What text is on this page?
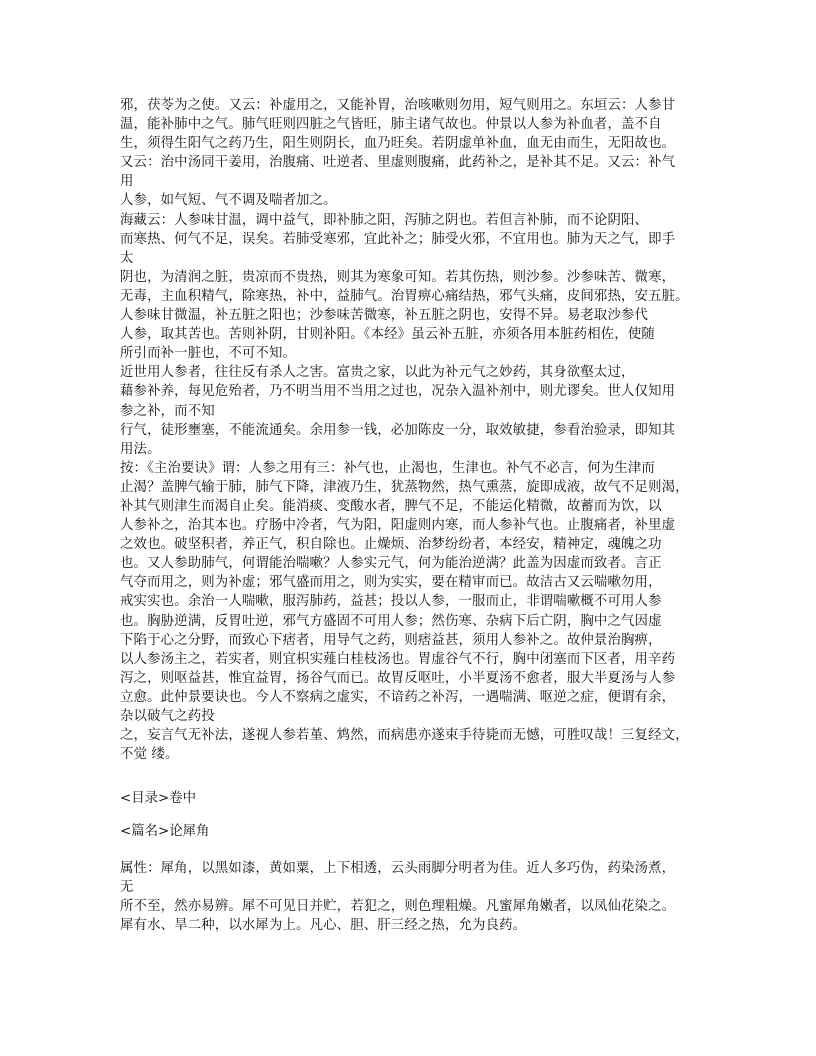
邪，茯苓为之使。又云：补虚用之，又能补胃，治咳嗽则勿用，短气则用之。东垣云：人参甘
温，能补肺中之气。肺气旺则四脏之气皆旺，肺主诸气故也。仲景以人参为补血者，盖不自
生，须得生阳气之药乃生，阳生则阴长，血乃旺矣。若阴虚单补血，血无由而生，无阳故也。
又云：治中汤同干姜用，治腹痛、吐逆者、里虚则腹痛，此药补之，是补其不足。又云：补气
用
人参，如气短、气不调及喘者加之。
海藏云：人参味甘温，调中益气，即补肺之阳，泻肺之阴也。若但言补肺，而不论阴阳、
而寒热、何气不足，误矣。若肺受寒邪，宜此补之；肺受火邪，不宜用也。肺为天之气，即手
太
阴也，为清润之脏，贵凉而不贵热，则其为寒象可知。若其伤热，则沙参。沙参味苦、微寒，
无毒，主血积精气，除寒热，补中，益肺气。治胃痹心痛结热，邪气头痛，皮间邪热，安五脏。
人参味甘微温，补五脏之阳也；沙参味苦微寒，补五脏之阴也，安得不异。易老取沙参代
人参，取其苦也。苦则补阴，甘则补阳。《本经》虽云补五脏，亦须各用本脏药相佐，使随
所引而补一脏也，不可不知。
近世用人参者，往往反有杀人之害。富贵之家，以此为补元气之妙药，其身欲壑太过，
藉参补养，每见危殆者，乃不明当用不当用之过也，况杂入温补剂中，则尤谬矣。世人仅知用
参之补，而不知
行气，徒形壅塞，不能流通矣。余用参一钱，必加陈皮一分，取效敏捷，参看治验录，即知其
用法。
按：《主治要诀》谓：人参之用有三：补气也，止渴也，生津也。补气不必言，何为生津而
止渴？盖脾气输于肺，肺气下降，津液乃生，犹蒸物然，热气熏蒸，旋即成液，故气不足则渴，
补其气则津生而渴自止矣。能消痰、变酸水者，脾气不足，不能运化精微，故蓄而为饮，以
人参补之，治其本也。疗肠中冷者，气为阳，阳虚则内寒，而人参补气也。止腹痛者，补里虚
之效也。破坚积者，养正气，积自除也。止燥烦、治梦纷纷者，本经安，精神定，魂魄之功
也。又人参助肺气，何谓能治喘嗽？人参实元气，何为能治逆满？此盖为因虚而致者。言正
气夺而用之，则为补虚；邪气盛而用之，则为实实，要在精审而已。故洁古又云喘嗽勿用，
戒实实也。余治一人喘嗽，服泻肺药，益甚；投以人参，一服而止，非谓喘嗽概不可用人参
也。胸胁逆满，反胃吐逆，邪气方盛固不可用人参；然伤寒、杂病下后亡阴，胸中之气因虚
下陷于心之分野，而致心下痞者，用导气之药，则痞益甚，须用人参补之。故仲景治胸痹，
以人参汤主之，若实者，则宜枳实薤白桂枝汤也。胃虚谷气不行，胸中闭塞而下区者，用辛药
泻之，则呕益甚，惟宜益胃，扬谷气而已。故胃反呕吐，小半夏汤不愈者，服大半夏汤与人参
立愈。此仲景要诀也。今人不察病之虚实，不谙药之补泻，一遇喘满、呕逆之症，便谓有余，
杂以破气之药投
之，妄言气无补法，遂视人参若堇、鸩然，而病患亦遂束手待毙而无憾，可胜叹哉！三复经文，
不觉 缕。
<目录>卷中
<篇名>论犀角
属性：犀角，以黑如漆，黄如粟，上下相透，云头雨脚分明者为佳。近人多巧伪，药染汤煮，
无
所不至，然亦易辨。犀不可见日并贮，若犯之，则色理粗燥。凡蜜犀角嫩者，以凤仙花染之。
犀有水、旱二种，以水犀为上。凡心、胆、肝三经之热，允为良药。
